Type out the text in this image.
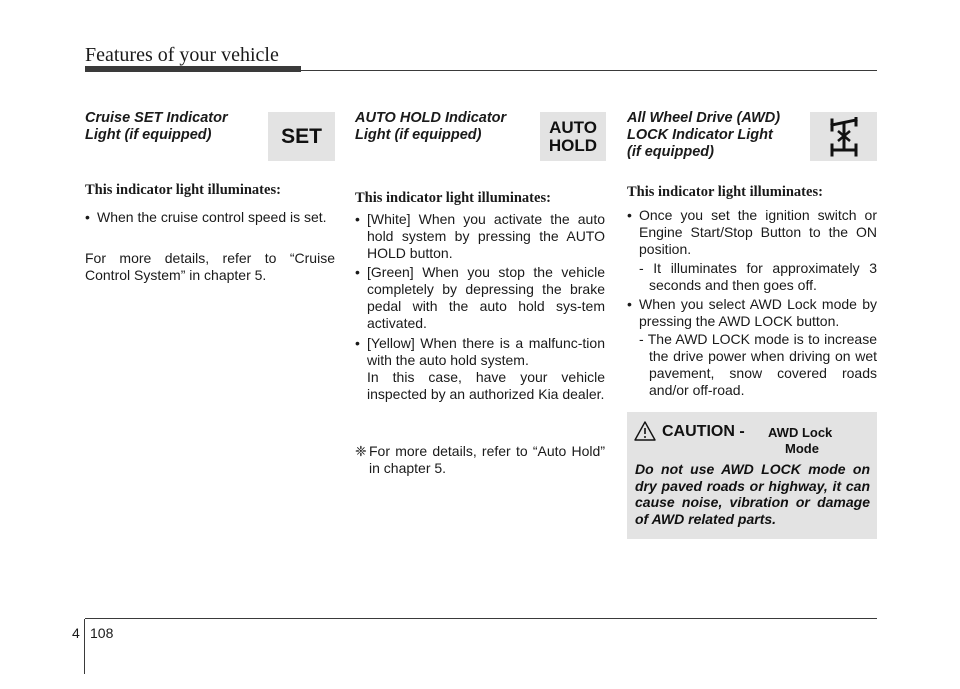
Features of your vehicle
Cruise SET Indicator
Light (if equipped)	SET
This indicator light illuminates:
• When the cruise control speed is set.
For more details, refer to “Cruise
Control System” in chapter 5.
AUTO HOLD Indicator
Light (if equipped)	AUTO
HOLD
This indicator light illuminates:
• [White] When you activate the auto hold system by pressing the AUTO HOLD button.
• [Green] When you stop the vehicle completely by depressing the brake pedal with the auto hold sys-tem activated.
• [Yellow] When there is a malfunc-tion with the auto hold system.
In this case, have your vehicle inspected by an authorized Kia dealer.
❈ For more details, refer to “Auto Hold” in chapter 5.
All Wheel Drive (AWD)
LOCK Indicator Light
(if equipped)
This indicator light illuminates:
• Once you set the ignition switch or Engine Start/Stop Button to the ON position.
- It illuminates for approximately 3 seconds and then goes off.
• When you select AWD Lock mode by pressing the AWD LOCK button.
- The AWD LOCK mode is to increase the drive power when driving on wet pavement, snow covered roads and/or off-road.
CAUTION - AWD Lock
Mode
Do not use AWD LOCK mode on dry paved roads or highway, it can cause noise, vibration or damage of AWD related parts.
4 108
